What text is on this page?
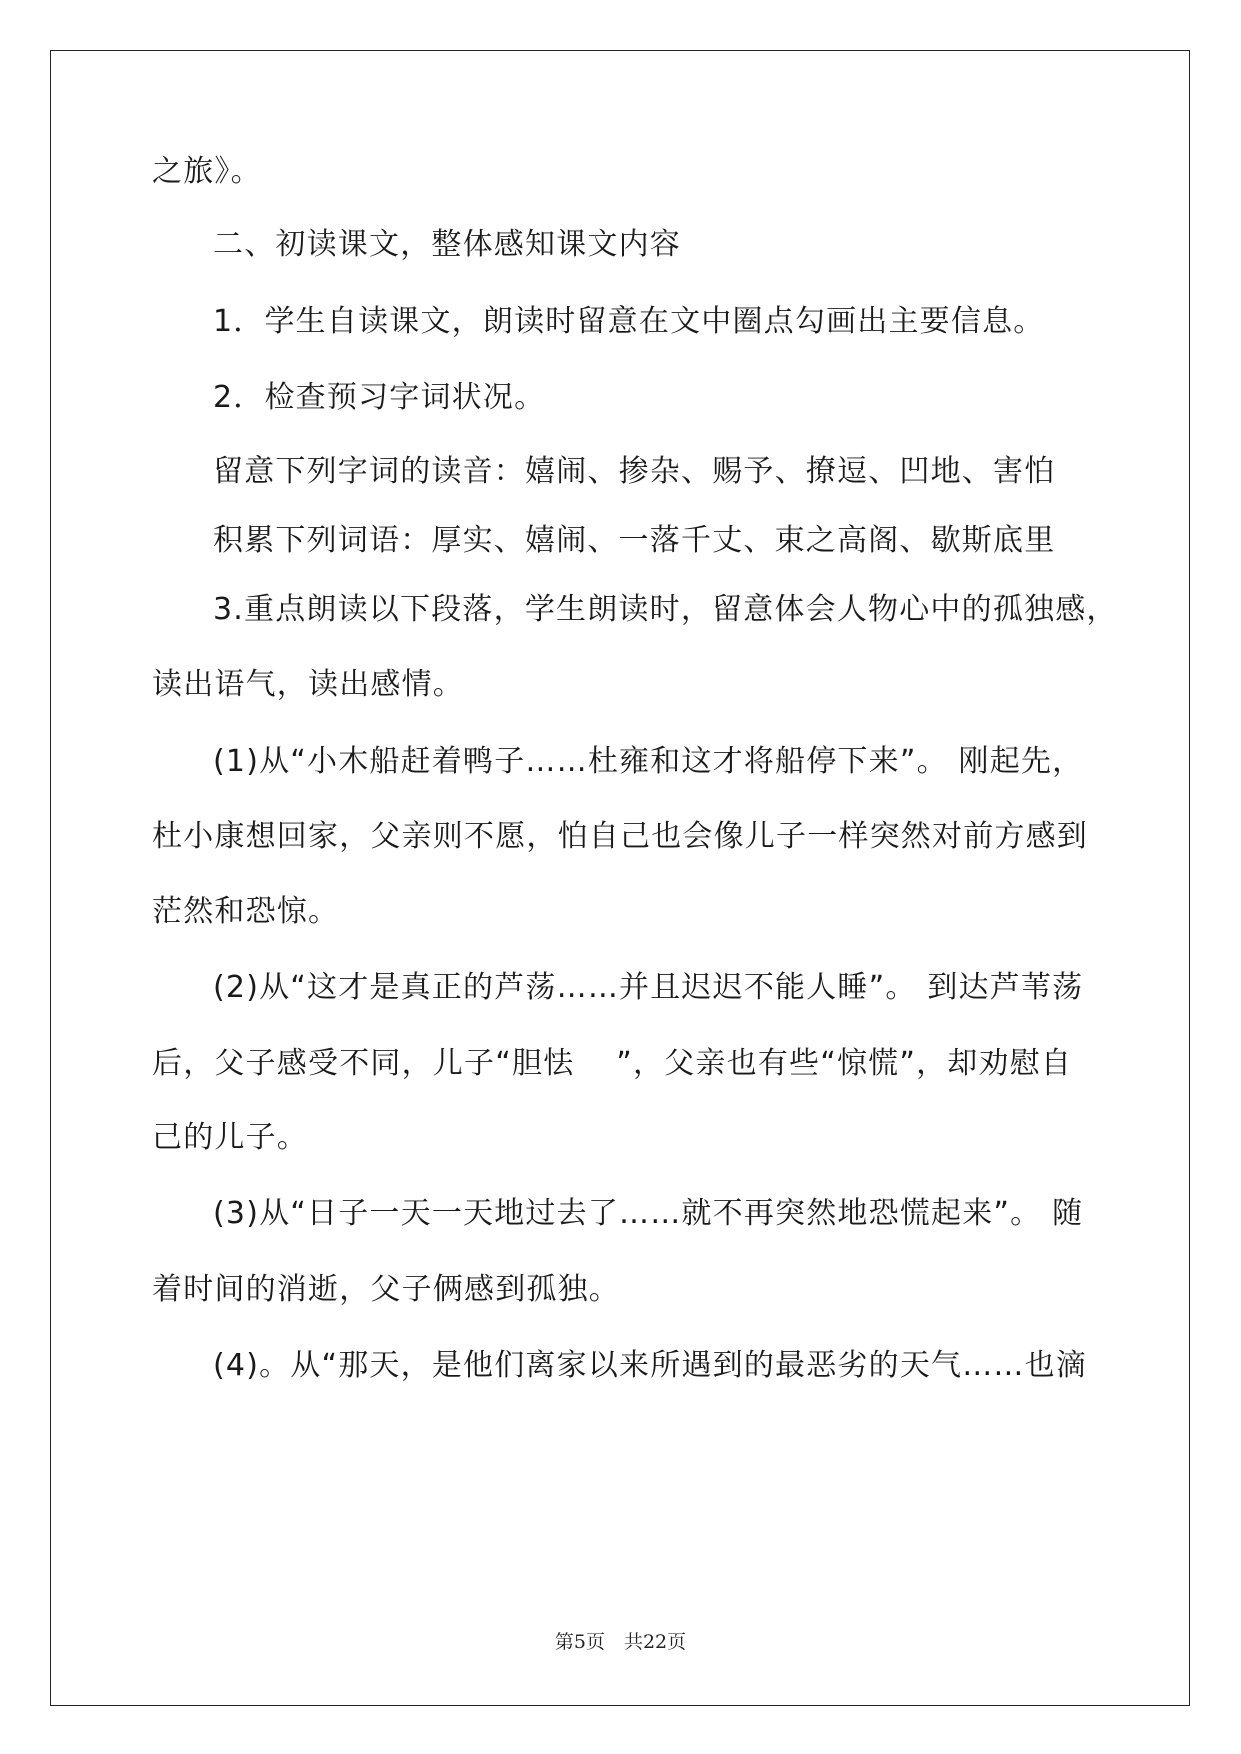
之旅》。
二、初读课文，整体感知课文内容
1．学生自读课文，朗读时留意在文中圈点勾画出主要信息。
2．检查预习字词状况。
留意下列字词的读音：嬉闹、掺杂、赐予、撩逗、凹地、害怕
积累下列词语：厚实、嬉闹、一落千丈、束之高阁、歇斯底里
3.重点朗读以下段落，学生朗读时，留意体会人物心中的孤独感，
读出语气，读出感情。
(1)从“小木船赶着鸭子……杜雍和这才将船停下来”。 刚起先，
杜小康想回家，父亲则不愿，怕自己也会像儿子一样突然对前方感到
茫然和恐惊。
(2)从“这才是真正的芦荡……并且迟迟不能人睡”。 到达芦苇荡
后，父子感受不同，儿子“胆怯　 ”，父亲也有些“惊慌”，却劝慰自
己的儿子。
(3)从“日子一天一天地过去了……就不再突然地恐慌起来”。 随
着时间的消逝，父子俩感到孤独。
(4)。从“那天，是他们离家以来所遇到的最恶劣的天气……也滴
第5页　共22页
